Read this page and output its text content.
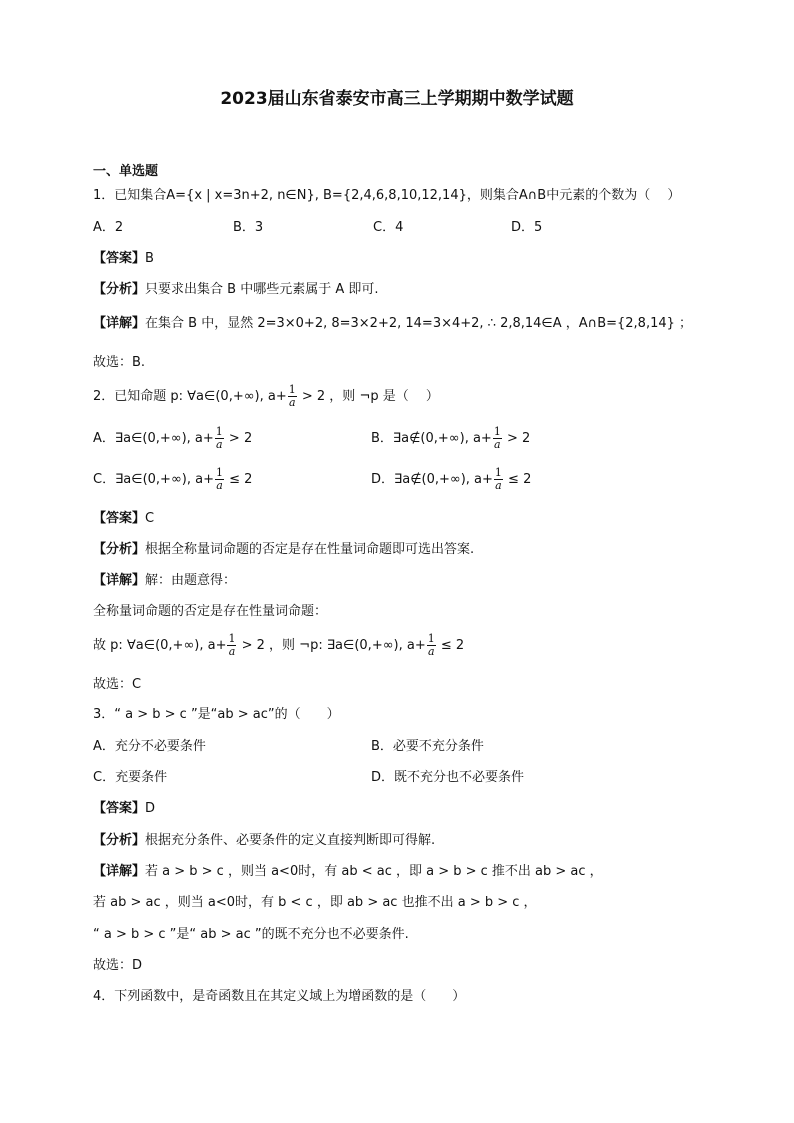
2023届山东省泰安市高三上学期期中数学试题
一、单选题
1．已知集合A={x | x=3n+2, n∈N}, B={2,4,6,8,10,12,14}，则集合A∩B中元素的个数为（　 ）
A．2	B．3	C．4	D．5
【答案】B
【分析】只要求出集合 B 中哪些元素属于 A 即可.
【详解】在集合 B 中，显然 2=3×0+2, 8=3×2+2, 14=3×4+2, ∴ 2,8,14∈A ，A∩B={2,8,14} ；
故选：B.
2．已知命题 p: ∀a∈(0,+∞), $a+ \frac{1}{a} > 2$ ，则 ¬p 是（　 ）
A．∃a∈(0,+∞), $a+ \frac{1}{a} > 2$	B．∃a∉(0,+∞), $a+ \frac{1}{a} > 2$
C．∃a∈(0,+∞), $a+ \frac{1}{a} \le 2$	D．∃a∉(0,+∞), $a+ \frac{1}{a} \le 2$
【答案】C
【分析】根据全称量词命题的否定是存在性量词命题即可选出答案.
【详解】解：由题意得：
全称量词命题的否定是存在性量词命题：
故 p: ∀a∈(0,+∞), $a+ \frac{1}{a} > 2$ ，则 ¬p: ∃a∈(0,+∞), $a+ \frac{1}{a} \le 2$
故选：C
3．“ a > b > c ”是“ab > ac”的（　　）
A．充分不必要条件	B．必要不充分条件
C．充要条件	D．既不充分也不必要条件
【答案】D
【分析】根据充分条件、必要条件的定义直接判断即可得解.
【详解】若 a > b > c ，则当 a<0时，有 ab < ac ，即 a > b > c 推不出 ab > ac ，
若 ab > ac ，则当 a<0时，有 b < c ，即 ab > ac 也推不出 a > b > c ，
“ a > b > c ”是“ ab > ac ”的既不充分也不必要条件.
故选：D
4．下列函数中，是奇函数且在其定义域上为增函数的是（　　）
